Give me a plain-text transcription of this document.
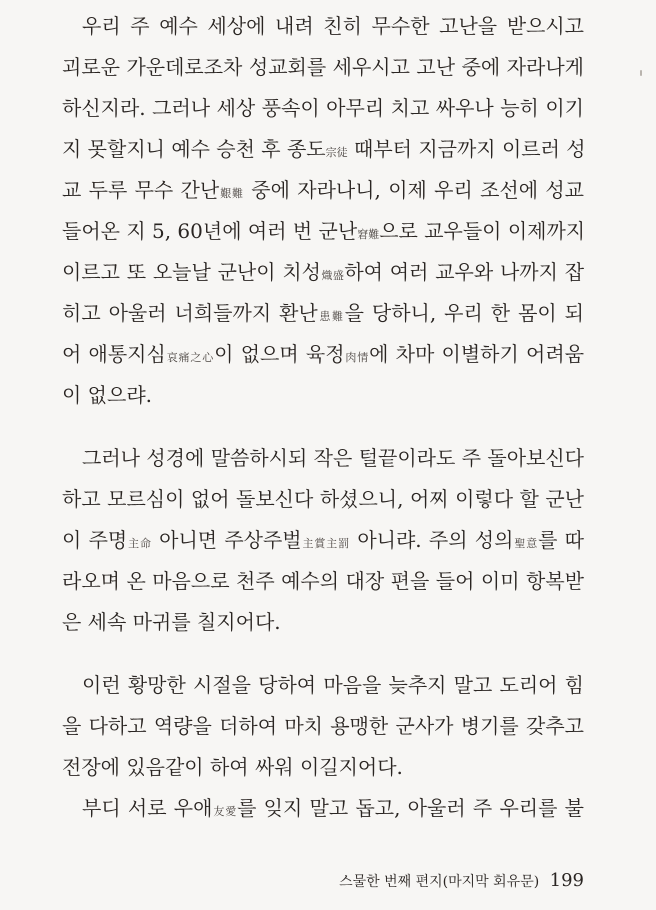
우리 주 예수 세상에 내려 친히 무수한 고난을 받으시고
괴로운 가운데로조차 성교회를 세우시고 고난 중에 자라나게
하신지라. 그러나 세상 풍속이 아무리 치고 싸우나 능히 이기
지 못할지니 예수 승천 후 종도宗徒 때부터 지금까지 이르러 성
교 두루 무수 간난艱難 중에 자라나니, 이제 우리 조선에 성교
들어온 지 5, 60년에 여러 번 군난窘難으로 교우들이 이제까지
이르고 또 오늘날 군난이 치성熾盛하여 여러 교우와 나까지 잡
히고 아울러 너희들까지 환난患難을 당하니, 우리 한 몸이 되
어 애통지심哀痛之心이 없으며 육정肉情에 차마 이별하기 어려움
이 없으랴.
그러나 성경에 말씀하시되 작은 털끝이라도 주 돌아보신다
하고 모르심이 없어 돌보신다 하셨으니, 어찌 이렇다 할 군난
이 주명主命 아니면 주상주벌主賞主罰 아니랴. 주의 성의聖意를 따
라오며 온 마음으로 천주 예수의 대장 편을 들어 이미 항복받
은 세속 마귀를 칠지어다.
이런 황망한 시절을 당하여 마음을 늦추지 말고 도리어 힘
을 다하고 역량을 더하여 마치 용맹한 군사가 병기를 갖추고
전장에 있음같이 하여 싸워 이길지어다.
부디 서로 우애友愛를 잊지 말고 돕고, 아울러 주 우리를 불
스물한 번째 편지(마지막 회유문) 199
